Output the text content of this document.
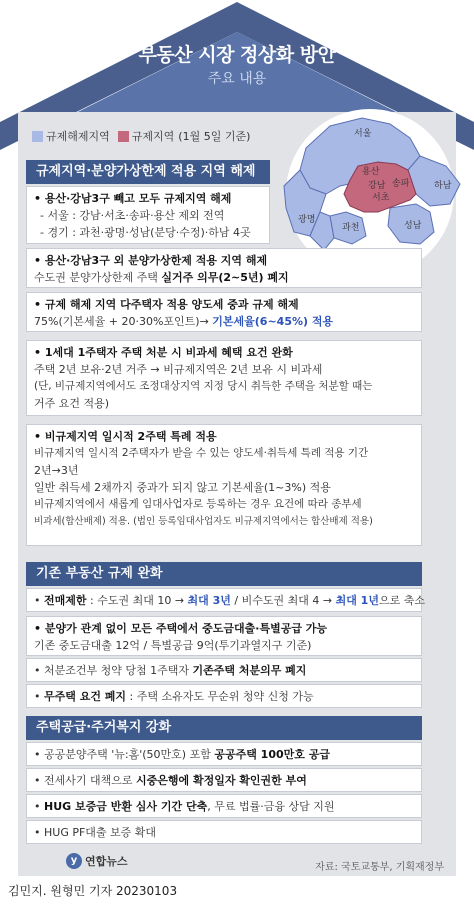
부동산 시장 정상화 방안
주요 내용
규제해제지역 규제지역 (1월 5일 기준)	서울
용산
강남 송파
서초
하남
광명
과천	성남
규제지역·분양가상한제 적용 지역 해제
• 용산·강남3구 빼고 모두 규제지역 해제
- 서울 : 강남·서초·송파·용산 제외 전역
- 경기 : 과천·광명·성남(분당·수정)·하남 4곳
• 용산·강남3구 외 분양가상한제 적용 지역 해제
수도권 분양가상한제 주택 실거주 의무(2~5년) 폐지
• 규제 해제 지역 다주택자 적용 양도세 중과 규제 해제
75%(기본세율 + 20·30%포인트)→ 기본세율(6~45%) 적용
• 1세대 1주택자 주택 처분 시 비과세 혜택 요건 완화
주택 2년 보유·2년 거주 → 비규제지역은 2년 보유 시 비과세
(단, 비규제지역에서도 조정대상지역 지정 당시 취득한 주택을 처분할 때는
거주 요건 적용)
• 비규제지역 일시적 2주택 특례 적용
비규제지역 일시적 2주택자가 받을 수 있는 양도세·취득세 특례 적용 기간
2년→3년
일반 취득세 2채까지 중과가 되지 않고 기본세율(1~3%) 적용
비규제지역에서 새롭게 임대사업자로 등록하는 경우 요건에 따라 종부세
비과세(합산배제) 적용. (법인 등록임대사업자도 비규제지역에서는 합산배제 적용)
기존 부동산 규제 완화
• 전매제한 : 수도권 최대 10 → 최대 3년 / 비수도권 최대 4 → 최대 1년으로 축소
• 분양가 관계 없이 모든 주택에서 중도금대출·특별공급 가능
기존 중도금대출 12억 / 특별공급 9억(투기과열지구 기준)
• 처분조건부 청약 당첨 1주택자 기존주택 처분의무 폐지
• 무주택 요건 폐지 : 주택 소유자도 무순위 청약 신청 가능
주택공급·주거복지 강화
• 공공분양주택 '뉴:홈'(50만호) 포함 공공주택 100만호 공급
• 전세사기 대책으로 시중은행에 확정일자 확인권한 부여
• HUG 보증금 반환 심사 기간 단축, 무료 법률·금융 상담 지원
• HUG PF대출 보증 확대
y 연합뉴스	자료: 국토교통부, 기획재정부
김민지. 원형민 기자 20230103
